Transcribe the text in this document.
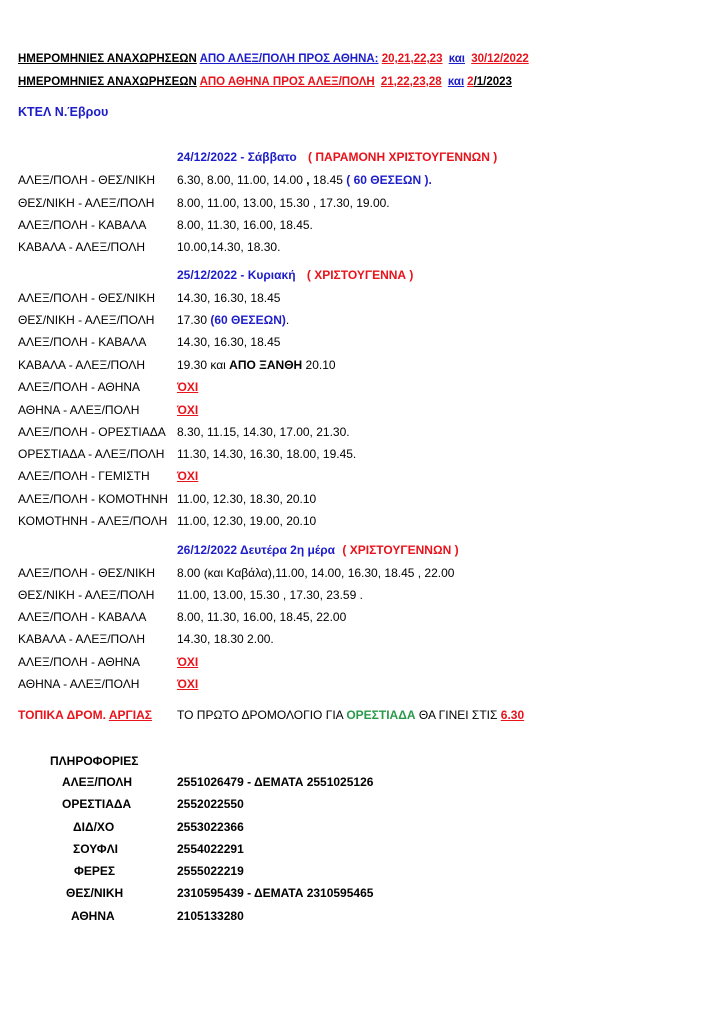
ΗΜΕΡΟΜΗΝΙΕΣ ΑΝΑΧΩΡΗΣΕΩΝ ΑΠΟ ΑΛΕΞ/ΠΟΛΗ ΠΡΟΣ ΑΘΗΝΑ: 20,21,22,23 και 30/12/2022
ΗΜΕΡΟΜΗΝΙΕΣ ΑΝΑΧΩΡΗΣΕΩΝ ΑΠΟ ΑΘΗΝΑ ΠΡΟΣ ΑΛΕΞ/ΠΟΛΗ 21,22,23,28 και 2/1/2023
ΚΤΕΛ Ν.Έβρου
24/12/2022 - Σάββατο ( ΠΑΡΑΜΟΝΗ ΧΡΙΣΤΟΥΓΕΝΝΩΝ )
ΑΛΕΞ/ΠΟΛΗ - ΘΕΣ/ΝΙΚΗ 6.30, 8.00, 11.00, 14.00 , 18.45 ( 60 ΘΕΣΕΩΝ ).
ΘΕΣ/ΝΙΚΗ - ΑΛΕΞ/ΠΟΛΗ 8.00, 11.00, 13.00, 15.30 , 17.30, 19.00.
ΑΛΕΞ/ΠΟΛΗ - ΚΑΒΑΛΑ	8.00, 11.30, 16.00, 18.45.
ΚΑΒΑΛΑ - ΑΛΕΞ/ΠΟΛΗ	10.00,14.30, 18.30.
25/12/2022 - Κυριακή ( ΧΡΙΣΤΟΥΓΕΝΝΑ )
ΑΛΕΞ/ΠΟΛΗ - ΘΕΣ/ΝΙΚΗ 14.30, 16.30, 18.45
ΘΕΣ/ΝΙΚΗ - ΑΛΕΞ/ΠΟΛΗ 17.30 (60 ΘΕΣΕΩΝ).
ΑΛΕΞ/ΠΟΛΗ - ΚΑΒΑΛΑ	14.30, 16.30, 18.45
ΚΑΒΑΛΑ - ΑΛΕΞ/ΠΟΛΗ	19.30 και ΑΠΟ ΞΑΝΘΗ 20.10
ΑΛΕΞ/ΠΟΛΗ - ΑΘΗΝΑ	ΌΧΙ
ΑΘΗΝΑ - ΑΛΕΞ/ΠΟΛΗ	ΌΧΙ
ΑΛΕΞ/ΠΟΛΗ - ΟΡΕΣΤΙΑΔΑ 8.30, 11.15, 14.30, 17.00, 21.30.
ΟΡΕΣΤΙΑΔΑ - ΑΛΕΞ/ΠΟΛΗ 11.30, 14.30, 16.30, 18.00, 19.45.
ΑΛΕΞ/ΠΟΛΗ - ΓΕΜΙΣΤΗ ΌΧΙ
ΑΛΕΞ/ΠΟΛΗ - ΚΟΜΟΤΗΝΗ 11.00, 12.30, 18.30, 20.10
ΚΟΜΟΤΗΝΗ - ΑΛΕΞ/ΠΟΛΗ 11.00, 12.30, 19.00, 20.10
26/12/2022 Δευτέρα 2η μέρα ( ΧΡΙΣΤΟΥΓΕΝΝΩΝ )
ΑΛΕΞ/ΠΟΛΗ - ΘΕΣ/ΝΙΚΗ 8.00 (και Καβάλα),11.00, 14.00, 16.30, 18.45 , 22.00
ΘΕΣ/ΝΙΚΗ - ΑΛΕΞ/ΠΟΛΗ 11.00, 13.00, 15.30 , 17.30, 23.59 .
ΑΛΕΞ/ΠΟΛΗ - ΚΑΒΑΛΑ	8.00, 11.30, 16.00, 18.45, 22.00
ΚΑΒΑΛΑ - ΑΛΕΞ/ΠΟΛΗ	14.30, 18.30 2.00.
ΑΛΕΞ/ΠΟΛΗ - ΑΘΗΝΑ	ΌΧΙ
ΑΘΗΝΑ - ΑΛΕΞ/ΠΟΛΗ	ΌΧΙ
ΤΟΠΙΚΑ ΔΡΟΜ. ΑΡΓΙΑΣ ΤΟ ΠΡΩΤΟ ΔΡΟΜΟΛΟΓΙΟ ΓΙΑ ΟΡΕΣΤΙΑΔΑ ΘΑ ΓΙΝΕΙ ΣΤΙΣ 6.30
ΠΛΗΡΟΦΟΡΙΕΣ
ΑΛΕΞ/ΠΟΛΗ	2551026479 - ΔΕΜΑΤΑ 2551025126
ΟΡΕΣΤΙΑΔΑ	2552022550
ΔΙΔ/ΧΟ	2553022366
ΣΟΥΦΛΙ	2554022291
ΦΕΡΕΣ	2555022219
ΘΕΣ/ΝΙΚΗ	2310595439 - ΔΕΜΑΤΑ 2310595465
ΑΘΗΝΑ	2105133280
